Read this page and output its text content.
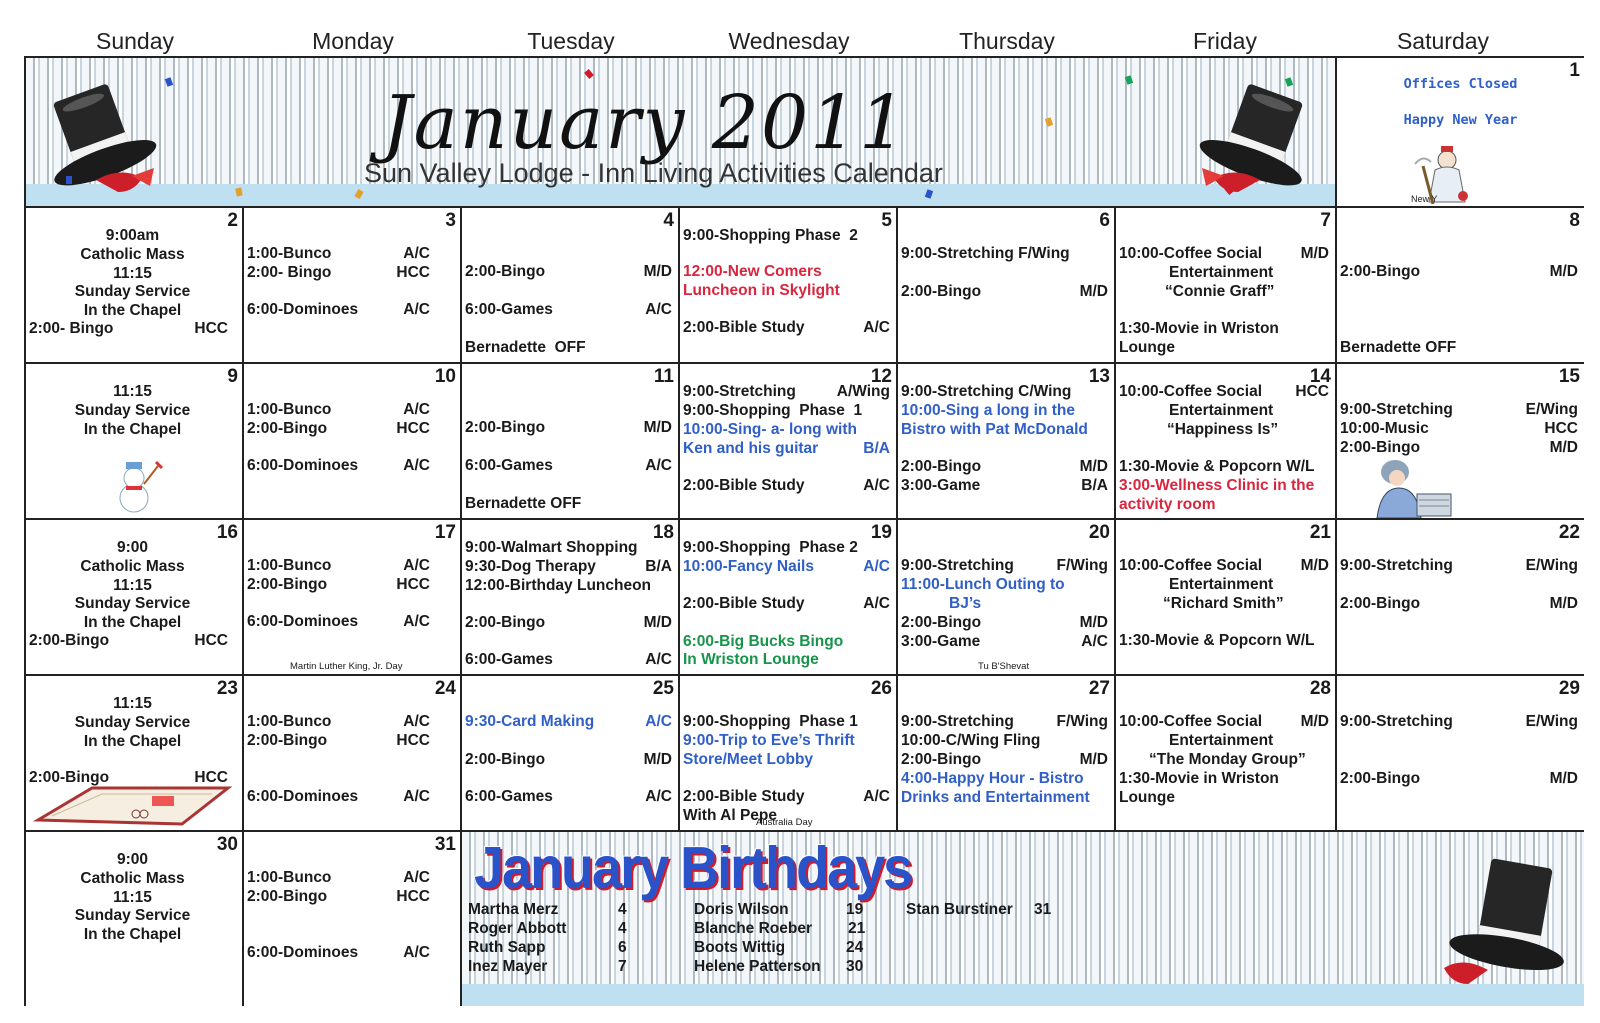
Sunday	Monday	Tuesday	Wednesday	Thursday	Friday	Saturday
January 2011
Sun Valley Lodge - Inn Living Activities Calendar
1
Offices Closed
Happy New Year
New Y
January Birthdays
Martha Merz	4
Roger Abbott	4
Ruth Sapp	6
Inez Mayer	7
Doris Wilson	19
Blanche Roeber 21
Boots Wittig	24
Helene Patterson 30
Stan Burstiner 31
2
9:00am
Catholic Mass
11:15
Sunday Service
In the Chapel
2:00- Bingo	HCC
3
1:00-Bunco	A/C
2:00- Bingo	HCC
6:00-Dominoes	A/C
4
2:00-Bingo	M/D
6:00-Games	A/C
Bernadette  OFF
5
9:00-Shopping Phase  2
12:00-New Comers
Luncheon in Skylight
2:00-Bible Study	A/C
6
9:00-Stretching F/Wing
2:00-Bingo	M/D
7
10:00-Coffee Social M/D
Entertainment
“Connie Graff”
1:30-Movie in Wriston
Lounge
8
2:00-Bingo	M/D
Bernadette OFF
9
11:15
Sunday Service
In the Chapel
10
1:00-Bunco	A/C
2:00-Bingo	HCC
6:00-Dominoes	A/C
11
2:00-Bingo	M/D
6:00-Games	A/C
Bernadette OFF
12
9:00-Stretching	A/Wing
9:00-Shopping  Phase  1
10:00-Sing- a- long with
Ken and his guitar	B/A
2:00-Bible Study	A/C
13
9:00-Stretching C/Wing
10:00-Sing a long in the
Bistro with Pat McDonald
2:00-Bingo	M/D
3:00-Game	B/A
14
10:00-Coffee Social HCC
Entertainment
“Happiness Is”
1:30-Movie & Popcorn W/L
3:00-Wellness Clinic in the
activity room
15
9:00-Stretching	E/Wing
10:00-Music	HCC
2:00-Bingo	M/D
16
9:00
Catholic Mass
11:15
Sunday Service
In the Chapel
2:00-Bingo	HCC
17
1:00-Bunco	A/C
2:00-Bingo	HCC
6:00-Dominoes	A/C
Martin Luther King, Jr. Day
18
9:00-Walmart Shopping
9:30-Dog Therapy	B/A
12:00-Birthday Luncheon
2:00-Bingo	M/D
6:00-Games	A/C
19
9:00-Shopping  Phase 2
10:00-Fancy Nails	A/C
2:00-Bible Study	A/C
6:00-Big Bucks Bingo
In Wriston Lounge
20
9:00-Stretching	F/Wing
11:00-Lunch Outing to
BJ’s
2:00-Bingo	M/D
3:00-Game	A/C
Tu B'Shevat
21
10:00-Coffee Social M/D
Entertainment
“Richard Smith”
1:30-Movie & Popcorn W/L
22
9:00-Stretching	E/Wing
2:00-Bingo	M/D
23
11:15
Sunday Service
In the Chapel
2:00-Bingo	HCC
24
1:00-Bunco	A/C
2:00-Bingo	HCC
6:00-Dominoes	A/C
25
9:30-Card Making	A/C
2:00-Bingo	M/D
6:00-Games	A/C
26
9:00-Shopping  Phase 1
9:00-Trip to Eve’s Thrift
Store/Meet Lobby
2:00-Bible Study	A/C
With Al Pepe
Australia Day
27
9:00-Stretching	F/Wing
10:00-C/Wing Fling
2:00-Bingo	M/D
4:00-Happy Hour - Bistro
Drinks and Entertainment
28
10:00-Coffee Social M/D
Entertainment
“The Monday Group”
1:30-Movie in Wriston
Lounge
29
9:00-Stretching	E/Wing
2:00-Bingo	M/D
30
9:00
Catholic Mass
11:15
Sunday Service
In the Chapel
31
1:00-Bunco	A/C
2:00-Bingo	HCC
6:00-Dominoes	A/C
